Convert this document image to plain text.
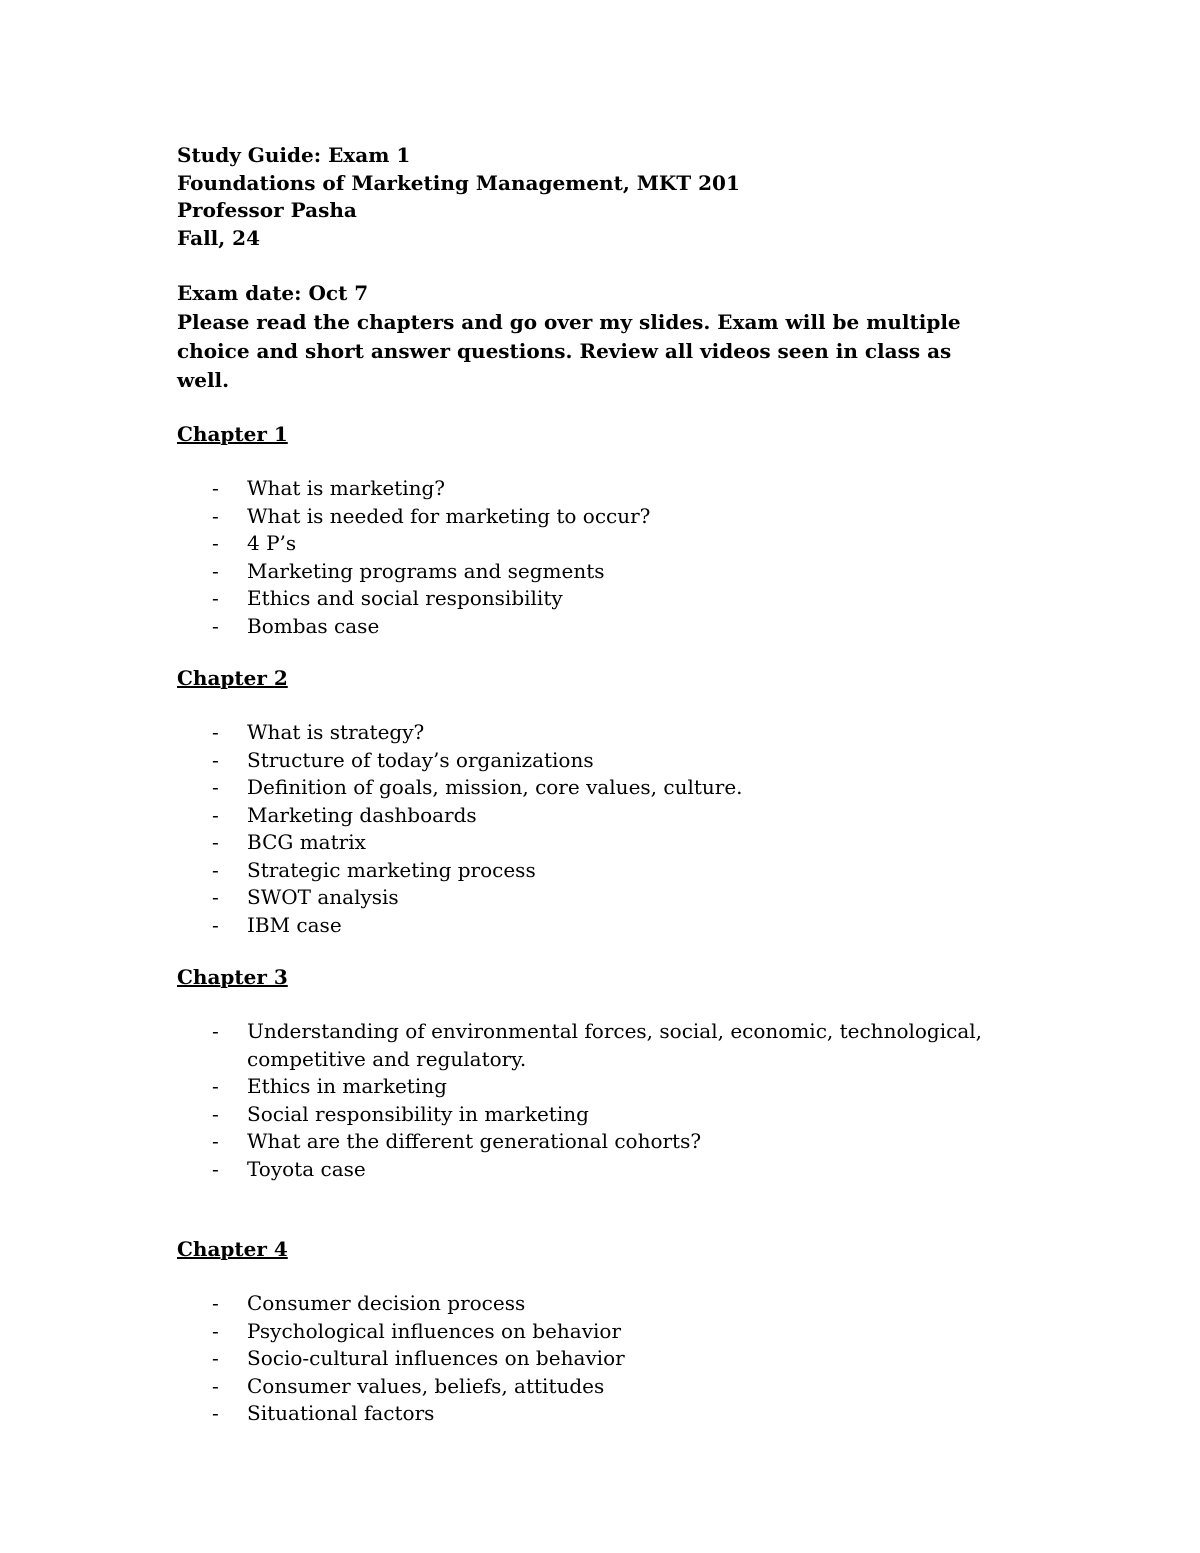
Study Guide: Exam 1
Foundations of Marketing Management, MKT 201
Professor Pasha
Fall, 24
Exam date: Oct 7
Please read the chapters and go over my slides. Exam will be multiple choice and short answer questions. Review all videos seen in class as well.
Chapter 1
- What is marketing?
- What is needed for marketing to occur?
- 4 P’s
- Marketing programs and segments
- Ethics and social responsibility
- Bombas case
Chapter 2
- What is strategy?
- Structure of today’s organizations
- Definition of goals, mission, core values, culture.
- Marketing dashboards
- BCG matrix
- Strategic marketing process
- SWOT analysis
- IBM case
Chapter 3
- Understanding of environmental forces, social, economic, technological, competitive and regulatory.
- Ethics in marketing
- Social responsibility in marketing
- What are the different generational cohorts?
- Toyota case
Chapter 4
- Consumer decision process
- Psychological influences on behavior
- Socio-cultural influences on behavior
- Consumer values, beliefs, attitudes
- Situational factors
